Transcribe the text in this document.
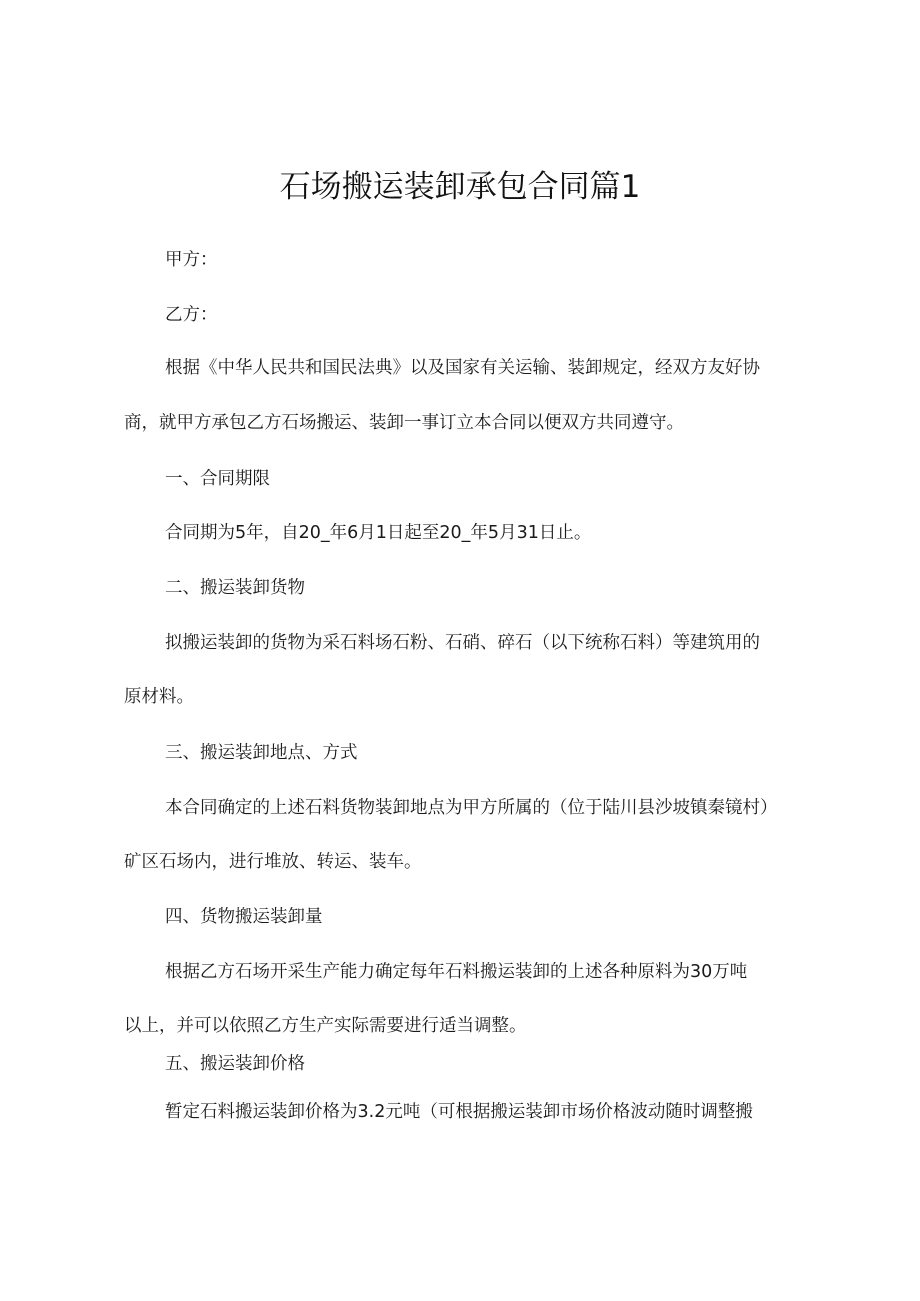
石场搬运装卸承包合同篇1
甲方：
乙方：
根据《中华人民共和国民法典》以及国家有关运输、装卸规定，经双方友好协
商，就甲方承包乙方石场搬运、装卸一事订立本合同以便双方共同遵守。
一、合同期限
合同期为5年，自20_年6月1日起至20_年5月31日止。
二、搬运装卸货物
拟搬运装卸的货物为采石料场石粉、石硝、碎石（以下统称石料）等建筑用的
原材料。
三、搬运装卸地点、方式
本合同确定的上述石料货物装卸地点为甲方所属的（位于陆川县沙坡镇秦镜村）
矿区石场内，进行堆放、转运、装车。
四、货物搬运装卸量
根据乙方石场开采生产能力确定每年石料搬运装卸的上述各种原料为30万吨
以上，并可以依照乙方生产实际需要进行适当调整。
五、搬运装卸价格
暂定石料搬运装卸价格为3.2元吨（可根据搬运装卸市场价格波动随时调整搬
